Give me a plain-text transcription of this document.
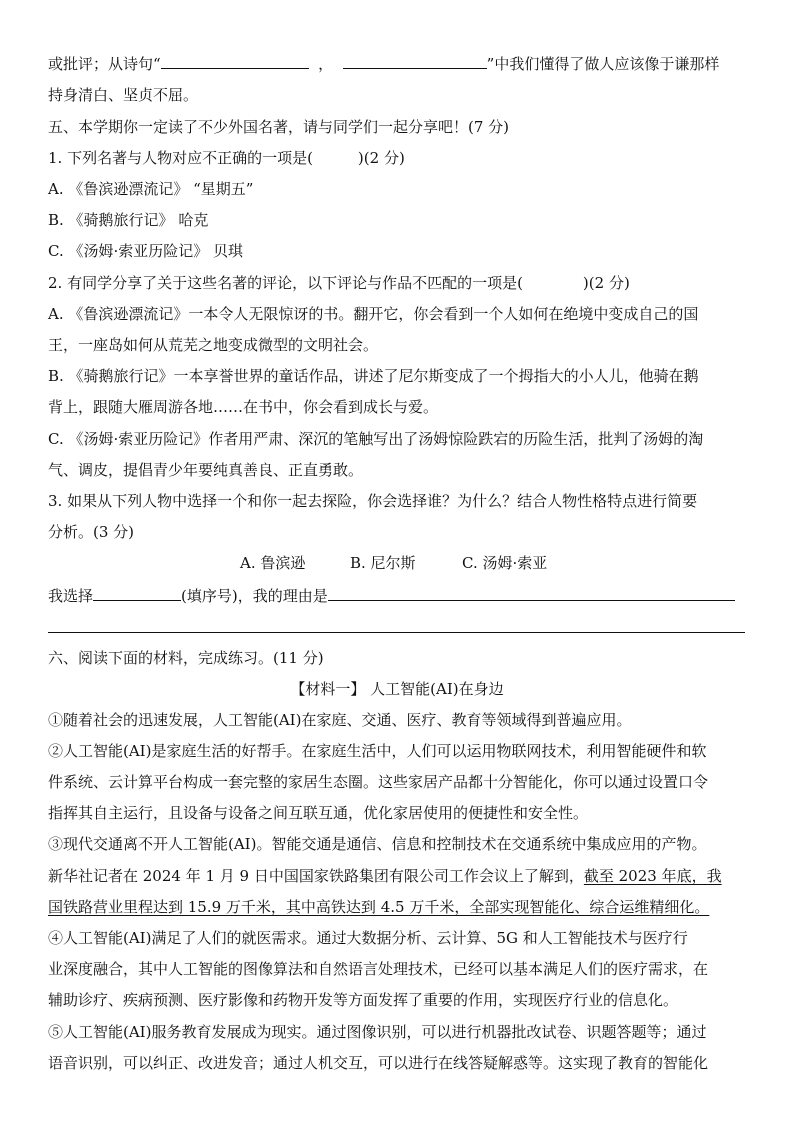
或批评；从诗句“	，	”中我们懂得了做人应该像于谦那样
持身清白、坚贞不屈。
五、本学期你一定读了不少外国名著，请与同学们一起分享吧！(7 分)
1. 下列名著与人物对应不正确的一项是(　　　)(2 分)
A. 《鲁滨逊漂流记》 “星期五”
B. 《骑鹅旅行记》 哈克
C. 《汤姆·索亚历险记》 贝琪
2. 有同学分享了关于这些名著的评论，以下评论与作品不匹配的一项是(　　　　)(2 分)
A. 《鲁滨逊漂流记》一本令人无限惊讶的书。翻开它，你会看到一个人如何在绝境中变成自己的国
王，一座岛如何从荒芜之地变成微型的文明社会。
B. 《骑鹅旅行记》一本享誉世界的童话作品，讲述了尼尔斯变成了一个拇指大的小人儿，他骑在鹅
背上，跟随大雁周游各地……在书中，你会看到成长与爱。
C. 《汤姆·索亚历险记》作者用严肃、深沉的笔触写出了汤姆惊险跌宕的历险生活，批判了汤姆的淘
气、调皮，提倡青少年要纯真善良、正直勇敢。
3. 如果从下列人物中选择一个和你一起去探险，你会选择谁？为什么？结合人物性格特点进行简要
分析。(3 分)
A. 鲁滨逊	B. 尼尔斯	C. 汤姆·索亚
我选择	(填序号)，我的理由是
六、阅读下面的材料，完成练习。(11 分)
【材料一】 人工智能(AI)在身边
①随着社会的迅速发展，人工智能(AI)在家庭、交通、医疗、教育等领域得到普遍应用。
②人工智能(AI)是家庭生活的好帮手。在家庭生活中，人们可以运用物联网技术，利用智能硬件和软
件系统、云计算平台构成一套完整的家居生态圈。这些家居产品都十分智能化，你可以通过设置口令
指挥其自主运行，且设备与设备之间互联互通，优化家居使用的便捷性和安全性。
③现代交通离不开人工智能(AI)。智能交通是通信、信息和控制技术在交通系统中集成应用的产物。
新华社记者在 2024 年 1 月 9 日中国国家铁路集团有限公司工作会议上了解到，截至 2023 年底，我
国铁路营业里程达到 15.9 万千米，其中高铁达到 4.5 万千米，全部实现智能化、综合运维精细化。
④人工智能(AI)满足了人们的就医需求。通过大数据分析、云计算、5G 和人工智能技术与医疗行
业深度融合，其中人工智能的图像算法和自然语言处理技术，已经可以基本满足人们的医疗需求，在
辅助诊疗、疾病预测、医疗影像和药物开发等方面发挥了重要的作用，实现医疗行业的信息化。
⑤人工智能(AI)服务教育发展成为现实。通过图像识别，可以进行机器批改试卷、识题答题等；通过
语音识别，可以纠正、改进发音；通过人机交互，可以进行在线答疑解惑等。这实现了教育的智能化
